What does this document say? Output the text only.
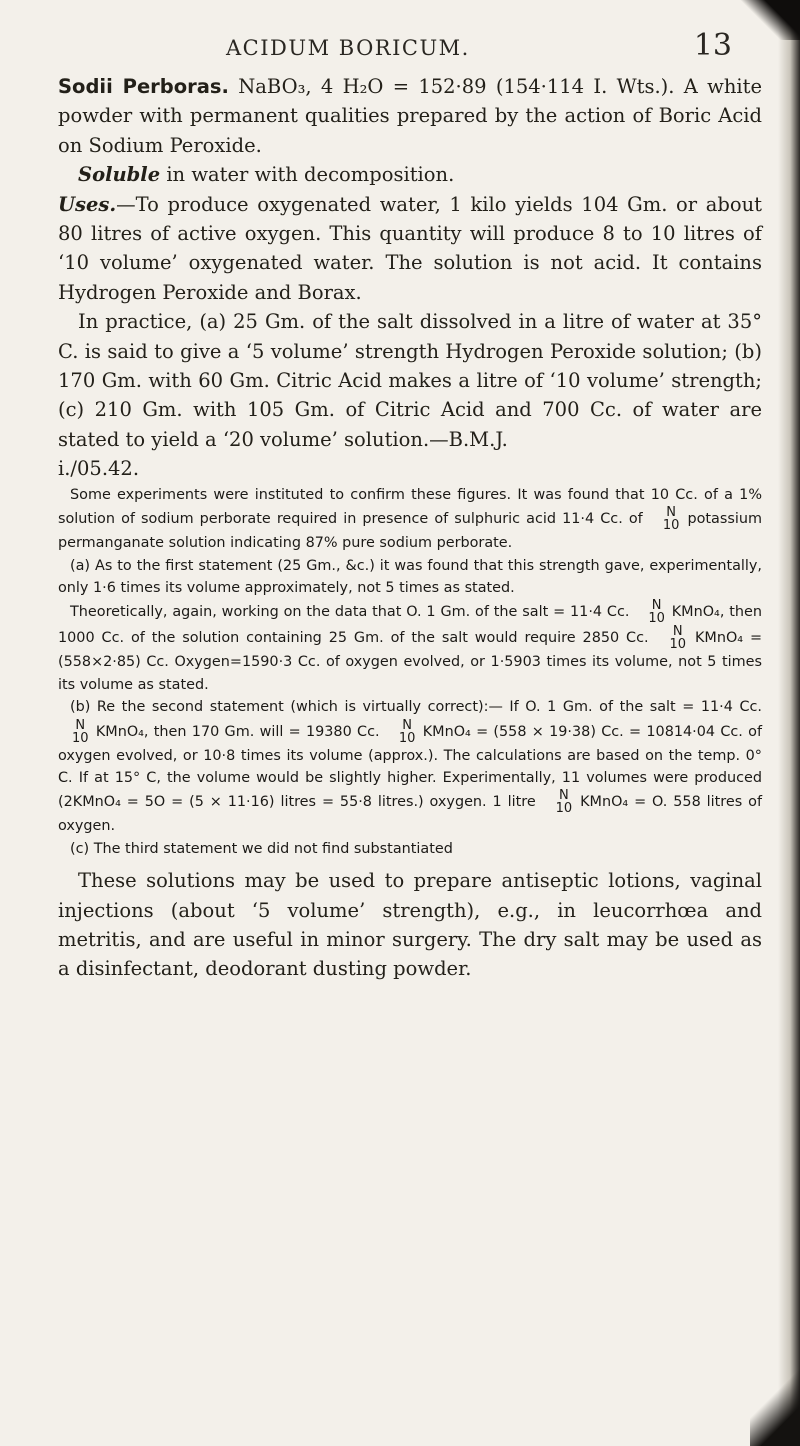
ACIDUM BORICUM.	13

Sodii Perboras. NaBO₃, 4 H₂O = 152·89 (154·114 I. Wts.). A white powder with permanent qualities prepared by the action of Boric Acid on Sodium Peroxide.

Soluble in water with decomposition.

Uses.—To produce oxygenated water, 1 kilo yields 104 Gm. or about 80 litres of active oxygen. This quantity will produce 8 to 10 litres of ‘10 volume’ oxygenated water. The solution is not acid. It contains Hydrogen Peroxide and Borax.

In practice, (a) 25 Gm. of the salt dissolved in a litre of water at 35° C. is said to give a ‘5 volume’ strength Hydrogen Peroxide solution; (b) 170 Gm. with 60 Gm. Citric Acid makes a litre of ‘10 volume’ strength; (c) 210 Gm. with 105 Gm. of Citric Acid and 700 Cc. of water are stated to yield a ‘20 volume’ solution.—B.M.J.

i./05.42.

Some experiments were instituted to confirm these figures. It was found that 10 Cc. of a 1% solution of sodium perborate required in presence of sulphuric acid 11·4 Cc. of	N
10 potassium permanganate solution indicating 87% pure sodium perborate.

(a) As to the first statement (25 Gm., &c.) it was found that this strength gave, experimentally, only 1·6 times its volume approximately, not 5 times as stated.

Theoretically, again, working on the data that O. 1 Gm. of the salt = 11·4 Cc.	N
10 KMnO₄, then 1000 Cc. of the solution containing 25 Gm. of the salt would require 2850 Cc.	N
10 KMnO₄ = (558×2·85) Cc. Oxygen=1590·3 Cc. of oxygen evolved, or 1·5903 times its volume, not 5 times its volume as stated.

(b) Re the second statement (which is virtually correct):— If O. 1 Gm. of the salt = 11·4 Cc.
N
10 KMnO₄, then 170 Gm. will = 19380 Cc.	N
10 KMnO₄ = (558 × 19·38) Cc. = 10814·04 Cc. of oxygen evolved, or 10·8 times its volume (approx.). The calculations are based on the temp. 0° C. If at 15° C, the volume would be slightly higher. Experimentally, 11 volumes were produced (2KMnO₄ = 5O = (5 × 11·16) litres = 55·8 litres.) oxygen. 1 litre	N
10 KMnO₄ = O. 558 litres of oxygen.

(c) The third statement we did not find substantiated

These solutions may be used to prepare antiseptic lotions, vaginal injections (about ‘5 volume’ strength), e.g., in leucorrhœa and metritis, and are useful in minor surgery. The dry salt may be used as a disinfectant, deodorant dusting powder.
